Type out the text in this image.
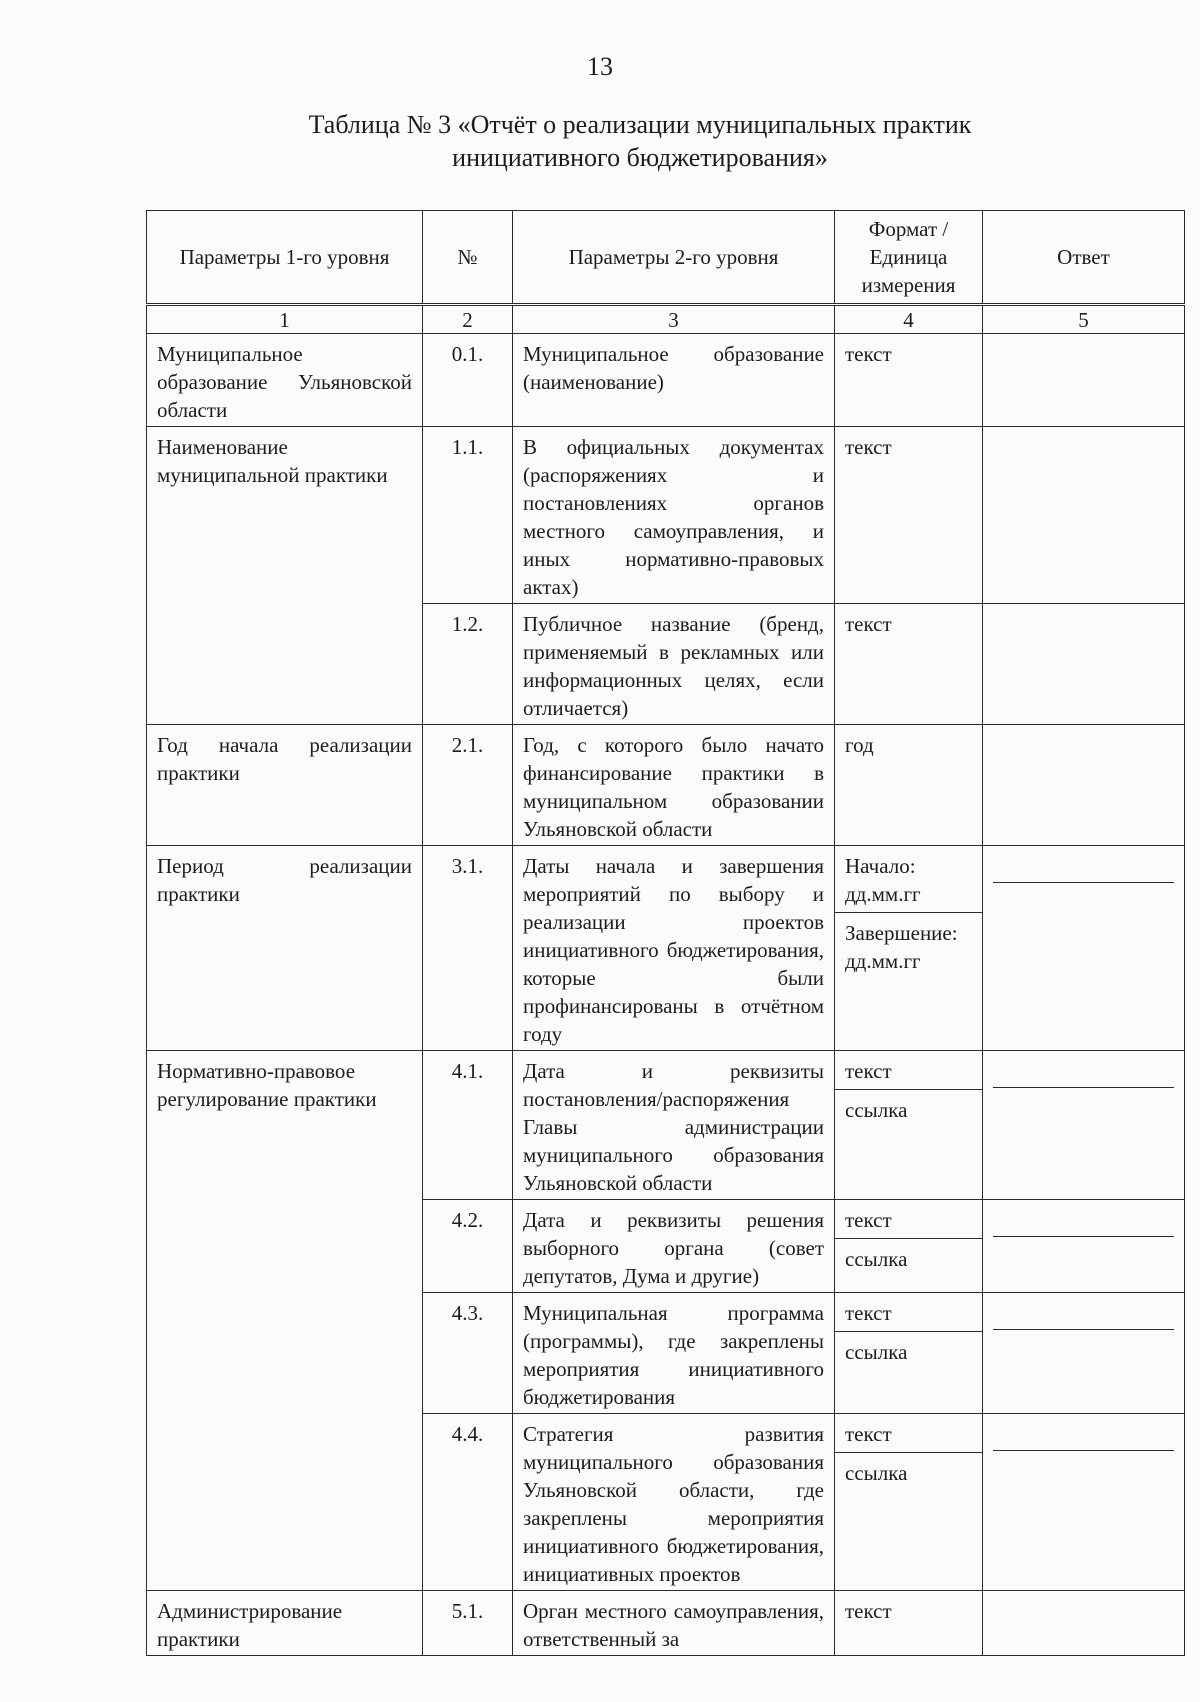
13
Таблица № 3 «Отчёт о реализации муниципальных практик
инициативного бюджетирования»
Параметры 1-го уровня	№	Параметры 2-го уровня	Формат / Единица измерения	Ответ
1	2	3	4	5
Муниципальное образование Ульяновской области	0.1.	Муниципальное образование (наименование)	текст	
Наименование муниципальной практики	1.1.	В официальных документах (распоряжениях и постановлениях органов местного самоуправления, и иных нормативно-правовых актах)	текст	
	1.2.	Публичное название (бренд, применяемый в рекламных или информационных целях, если отличается)	текст	
Год начала реализации практики	2.1.	Год, с которого было начато финансирование практики в муниципальном образовании Ульяновской области	год	
Период реализации практики	3.1.	Даты начала и завершения мероприятий по выбору и реализации проектов инициативного бюджетирования, которые были профинансированы в отчётном году	Начало: дд.мм.гг
Завершение: дд.мм.гг	

Нормативно-правовое регулирование практики	4.1.	Дата и реквизиты постановления/распоряжения Главы администрации муниципального образования Ульяновской области	текст
ссылка	

	4.2.	Дата и реквизиты решения выборного органа (совет депутатов, Дума и другие)	текст
ссылка	

	4.3.	Муниципальная программа (программы), где закреплены мероприятия инициативного бюджетирования	текст
ссылка	

	4.4.	Стратегия развития муниципального образования Ульяновской области, где закреплены мероприятия инициативного бюджетирования, инициативных проектов	текст
ссылка	

Администрирование практики	5.1.	Орган местного самоуправления, ответственный за	текст	
